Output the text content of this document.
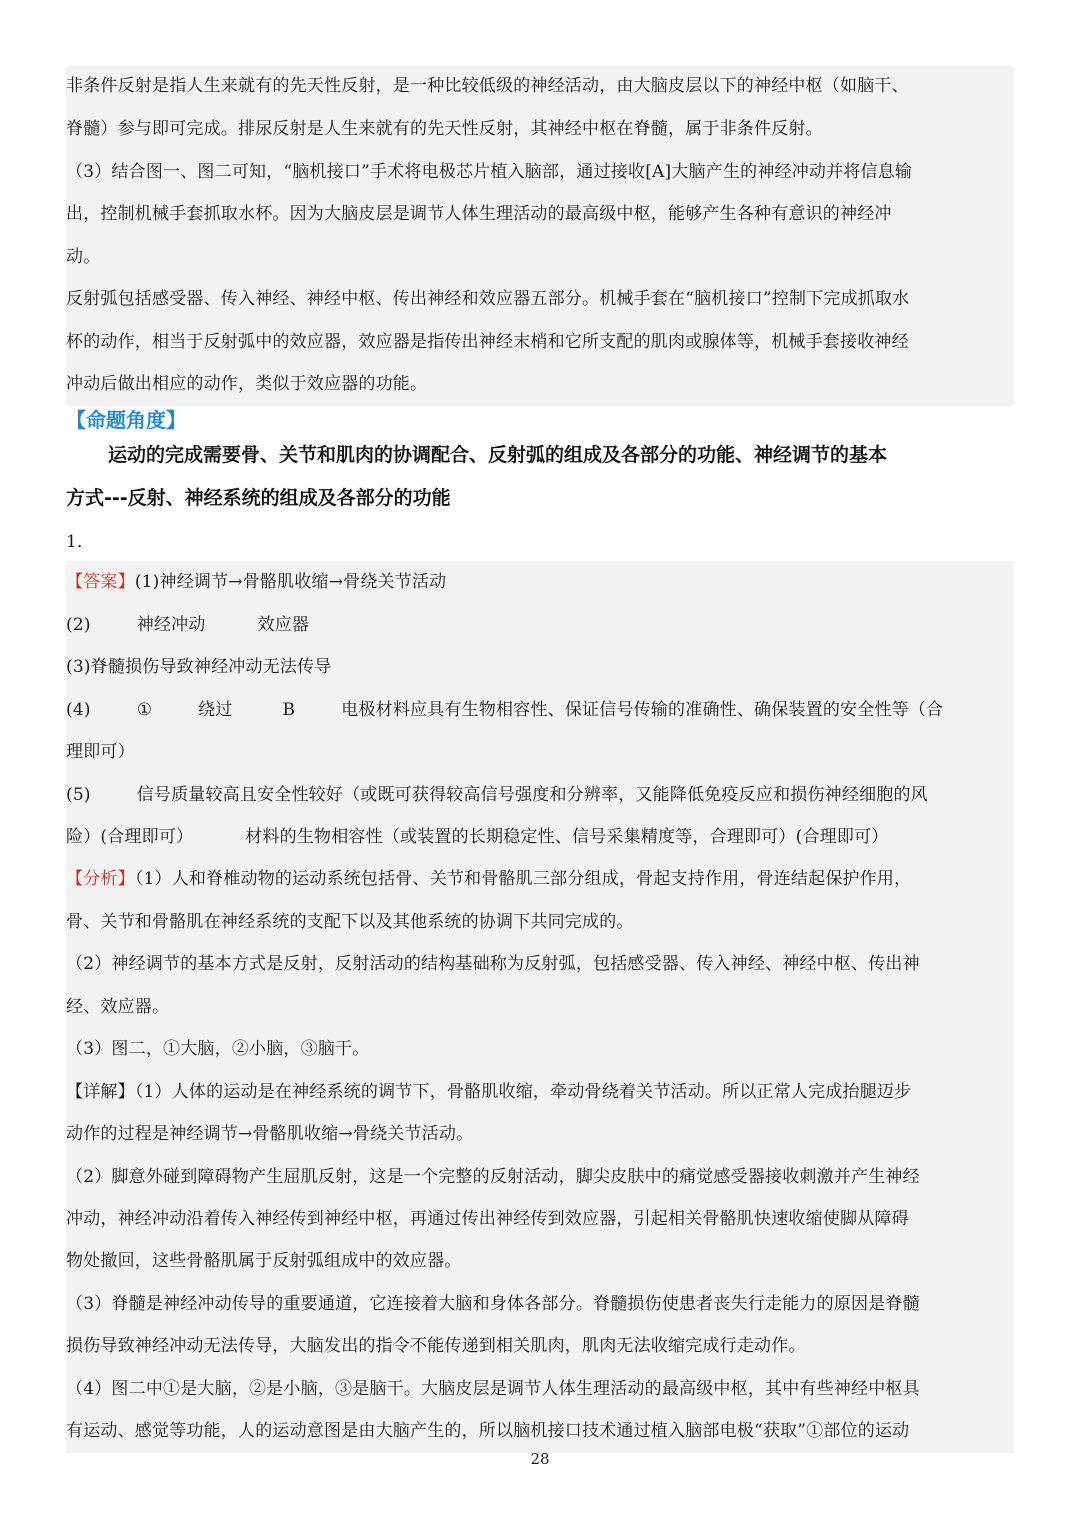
非条件反射是指人生来就有的先天性反射，是一种比较低级的神经活动，由大脑皮层以下的神经中枢（如脑干、
脊髓）参与即可完成。排尿反射是人生来就有的先天性反射，其神经中枢在脊髓，属于非条件反射。
（3）结合图一、图二可知，“脑机接口”手术将电极芯片植入脑部，通过接收[A]大脑产生的神经冲动并将信息输
出，控制机械手套抓取水杯。因为大脑皮层是调节人体生理活动的最高级中枢，能够产生各种有意识的神经冲
动。
反射弧包括感受器、传入神经、神经中枢、传出神经和效应器五部分。机械手套在“脑机接口”控制下完成抓取水
杯的动作，相当于反射弧中的效应器，效应器是指传出神经末梢和它所支配的肌肉或腺体等，机械手套接收神经
冲动后做出相应的动作，类似于效应器的功能。
【命题角度】
运动的完成需要骨、关节和肌肉的协调配合、反射弧的组成及各部分的功能、神经调节的基本
方式---反射、神经系统的组成及各部分的功能
1．
【答案】(1)神经调节→骨骼肌收缩→骨绕关节活动
(2)	神经冲动	效应器
(3)脊髓损伤导致神经冲动无法传导
(4)	①	绕过	B	电极材料应具有生物相容性、保证信号传输的准确性、确保装置的安全性等（合
理即可）
(5)	信号质量较高且安全性较好（或既可获得较高信号强度和分辨率，又能降低免疫反应和损伤神经细胞的风
险）(合理即可）	材料的生物相容性（或装置的长期稳定性、信号采集精度等，合理即可）(合理即可）
【分析】（1）人和脊椎动物的运动系统包括骨、关节和骨骼肌三部分组成，骨起支持作用，骨连结起保护作用，
骨、关节和骨骼肌在神经系统的支配下以及其他系统的协调下共同完成的。
（2）神经调节的基本方式是反射，反射活动的结构基础称为反射弧，包括感受器、传入神经、神经中枢、传出神
经、效应器。
（3）图二，①大脑，②小脑，③脑干。
【详解】（1）人体的运动是在神经系统的调节下，骨骼肌收缩，牵动骨绕着关节活动。所以正常人完成抬腿迈步
动作的过程是神经调节→骨骼肌收缩→骨绕关节活动。
（2）脚意外碰到障碍物产生屈肌反射，这是一个完整的反射活动，脚尖皮肤中的痛觉感受器接收刺激并产生神经
冲动，神经冲动沿着传入神经传到神经中枢，再通过传出神经传到效应器，引起相关骨骼肌快速收缩使脚从障碍
物处撤回，这些骨骼肌属于反射弧组成中的效应器。
（3）脊髓是神经冲动传导的重要通道，它连接着大脑和身体各部分。脊髓损伤使患者丧失行走能力的原因是脊髓
损伤导致神经冲动无法传导，大脑发出的指令不能传递到相关肌肉，肌肉无法收缩完成行走动作。
（4）图二中①是大脑，②是小脑，③是脑干。大脑皮层是调节人体生理活动的最高级中枢，其中有些神经中枢具
有运动、感觉等功能，人的运动意图是由大脑产生的，所以脑机接口技术通过植入脑部电极“获取”①部位的运动
28
